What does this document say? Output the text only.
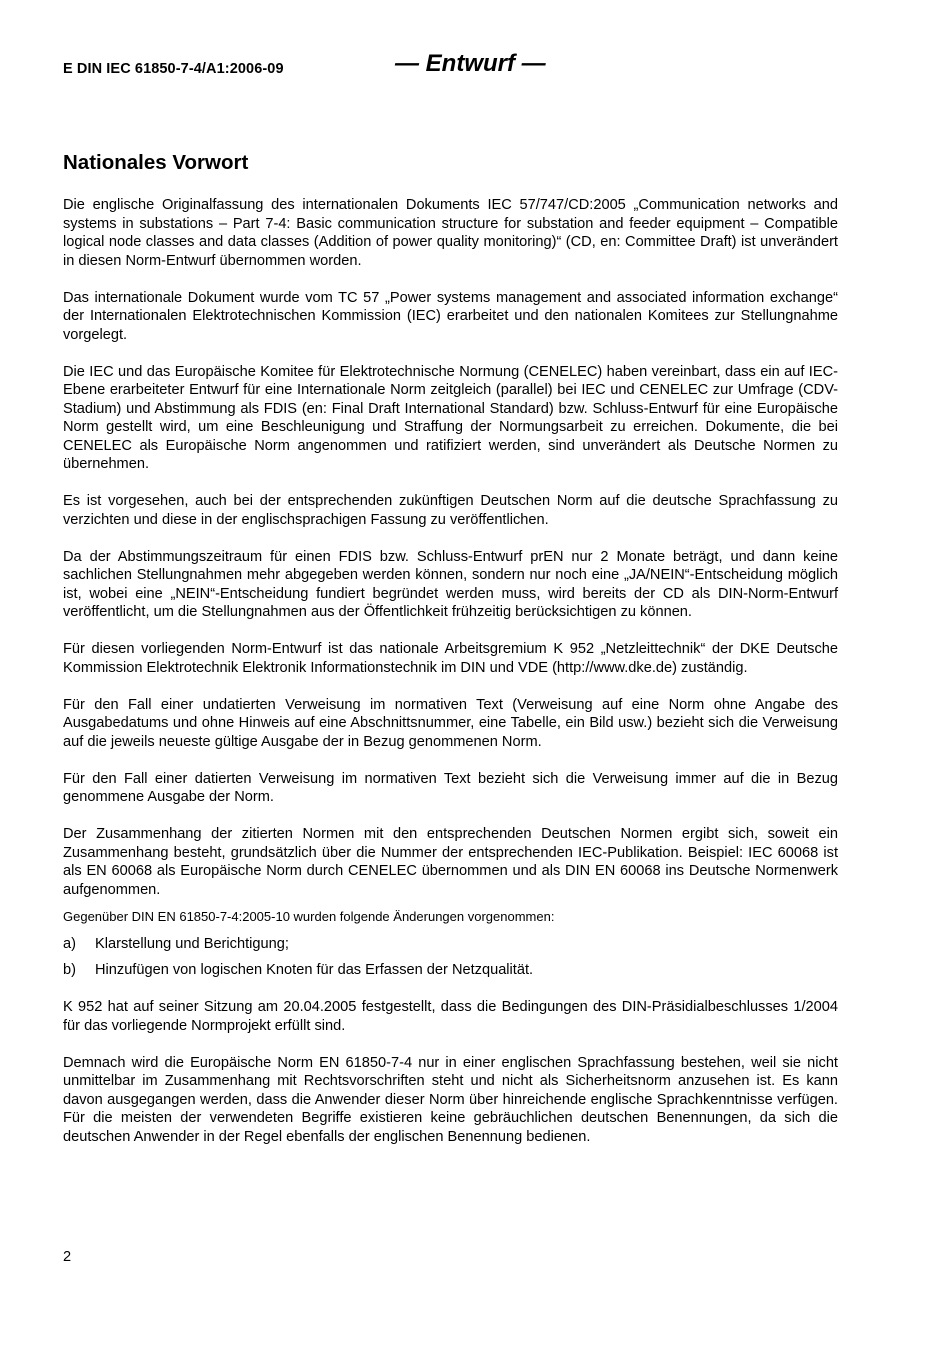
E DIN IEC 61850-7-4/A1:2006-09	— Entwurf —
Nationales Vorwort

Die englische Originalfassung des internationalen Dokuments IEC 57/747/CD:2005 „Communication networks and systems in substations – Part 7-4: Basic communication structure for substation and feeder equipment – Compatible logical node classes and data classes (Addition of power quality monitoring)“ (CD, en: Committee Draft) ist unverändert in diesen Norm-Entwurf übernommen worden.

Das internationale Dokument wurde vom TC 57 „Power systems management and associated information exchange“ der Internationalen Elektrotechnischen Kommission (IEC) erarbeitet und den nationalen Komitees zur Stellungnahme vorgelegt.

Die IEC und das Europäische Komitee für Elektrotechnische Normung (CENELEC) haben vereinbart, dass ein auf IEC-Ebene erarbeiteter Entwurf für eine Internationale Norm zeitgleich (parallel) bei IEC und CENELEC zur Umfrage (CDV-Stadium) und Abstimmung als FDIS (en: Final Draft International Standard) bzw. Schluss-Entwurf für eine Europäische Norm gestellt wird, um eine Beschleunigung und Straffung der Normungsarbeit zu erreichen. Dokumente, die bei CENELEC als Europäische Norm angenommen und ratifiziert werden, sind unverändert als Deutsche Normen zu übernehmen.

Es ist vorgesehen, auch bei der entsprechenden zukünftigen Deutschen Norm auf die deutsche Sprachfassung zu verzichten und diese in der englischsprachigen Fassung zu veröffentlichen.

Da der Abstimmungszeitraum für einen FDIS bzw. Schluss-Entwurf prEN nur 2 Monate beträgt, und dann keine sachlichen Stellungnahmen mehr abgegeben werden können, sondern nur noch eine „JA/NEIN“-Entscheidung möglich ist, wobei eine „NEIN“-Entscheidung fundiert begründet werden muss, wird bereits der CD als DIN-Norm-Entwurf veröffentlicht, um die Stellungnahmen aus der Öffentlichkeit frühzeitig berücksichtigen zu können.

Für diesen vorliegenden Norm-Entwurf ist das nationale Arbeitsgremium K 952 „Netzleittechnik“ der DKE Deutsche Kommission Elektrotechnik Elektronik Informationstechnik im DIN und VDE (http://www.dke.de) zuständig.

Für den Fall einer undatierten Verweisung im normativen Text (Verweisung auf eine Norm ohne Angabe des Ausgabedatums und ohne Hinweis auf eine Abschnittsnummer, eine Tabelle, ein Bild usw.) bezieht sich die Verweisung auf die jeweils neueste gültige Ausgabe der in Bezug genommenen Norm.

Für den Fall einer datierten Verweisung im normativen Text bezieht sich die Verweisung immer auf die in Bezug genommene Ausgabe der Norm.

Der Zusammenhang der zitierten Normen mit den entsprechenden Deutschen Normen ergibt sich, soweit ein Zusammenhang besteht, grundsätzlich über die Nummer der entsprechenden IEC-Publikation. Beispiel: IEC 60068 ist als EN 60068 als Europäische Norm durch CENELEC übernommen und als DIN EN 60068 ins Deutsche Normenwerk aufgenommen.

Gegenüber DIN EN 61850-7-4:2005-10 wurden folgende Änderungen vorgenommen:

a)	Klarstellung und Berichtigung;
b)	Hinzufügen von logischen Knoten für das Erfassen der Netzqualität.

K 952 hat auf seiner Sitzung am 20.04.2005 festgestellt, dass die Bedingungen des DIN-Präsidialbeschlusses 1/2004 für das vorliegende Normprojekt erfüllt sind.

Demnach wird die Europäische Norm EN 61850-7-4 nur in einer englischen Sprachfassung bestehen, weil sie nicht unmittelbar im Zusammenhang mit Rechtsvorschriften steht und nicht als Sicherheitsnorm anzusehen ist. Es kann davon ausgegangen werden, dass die Anwender dieser Norm über hinreichende englische Sprachkenntnisse verfügen. Für die meisten der verwendeten Begriffe existieren keine gebräuchlichen deutschen Benennungen, da sich die deutschen Anwender in der Regel ebenfalls der englischen Benennung bedienen.

2
